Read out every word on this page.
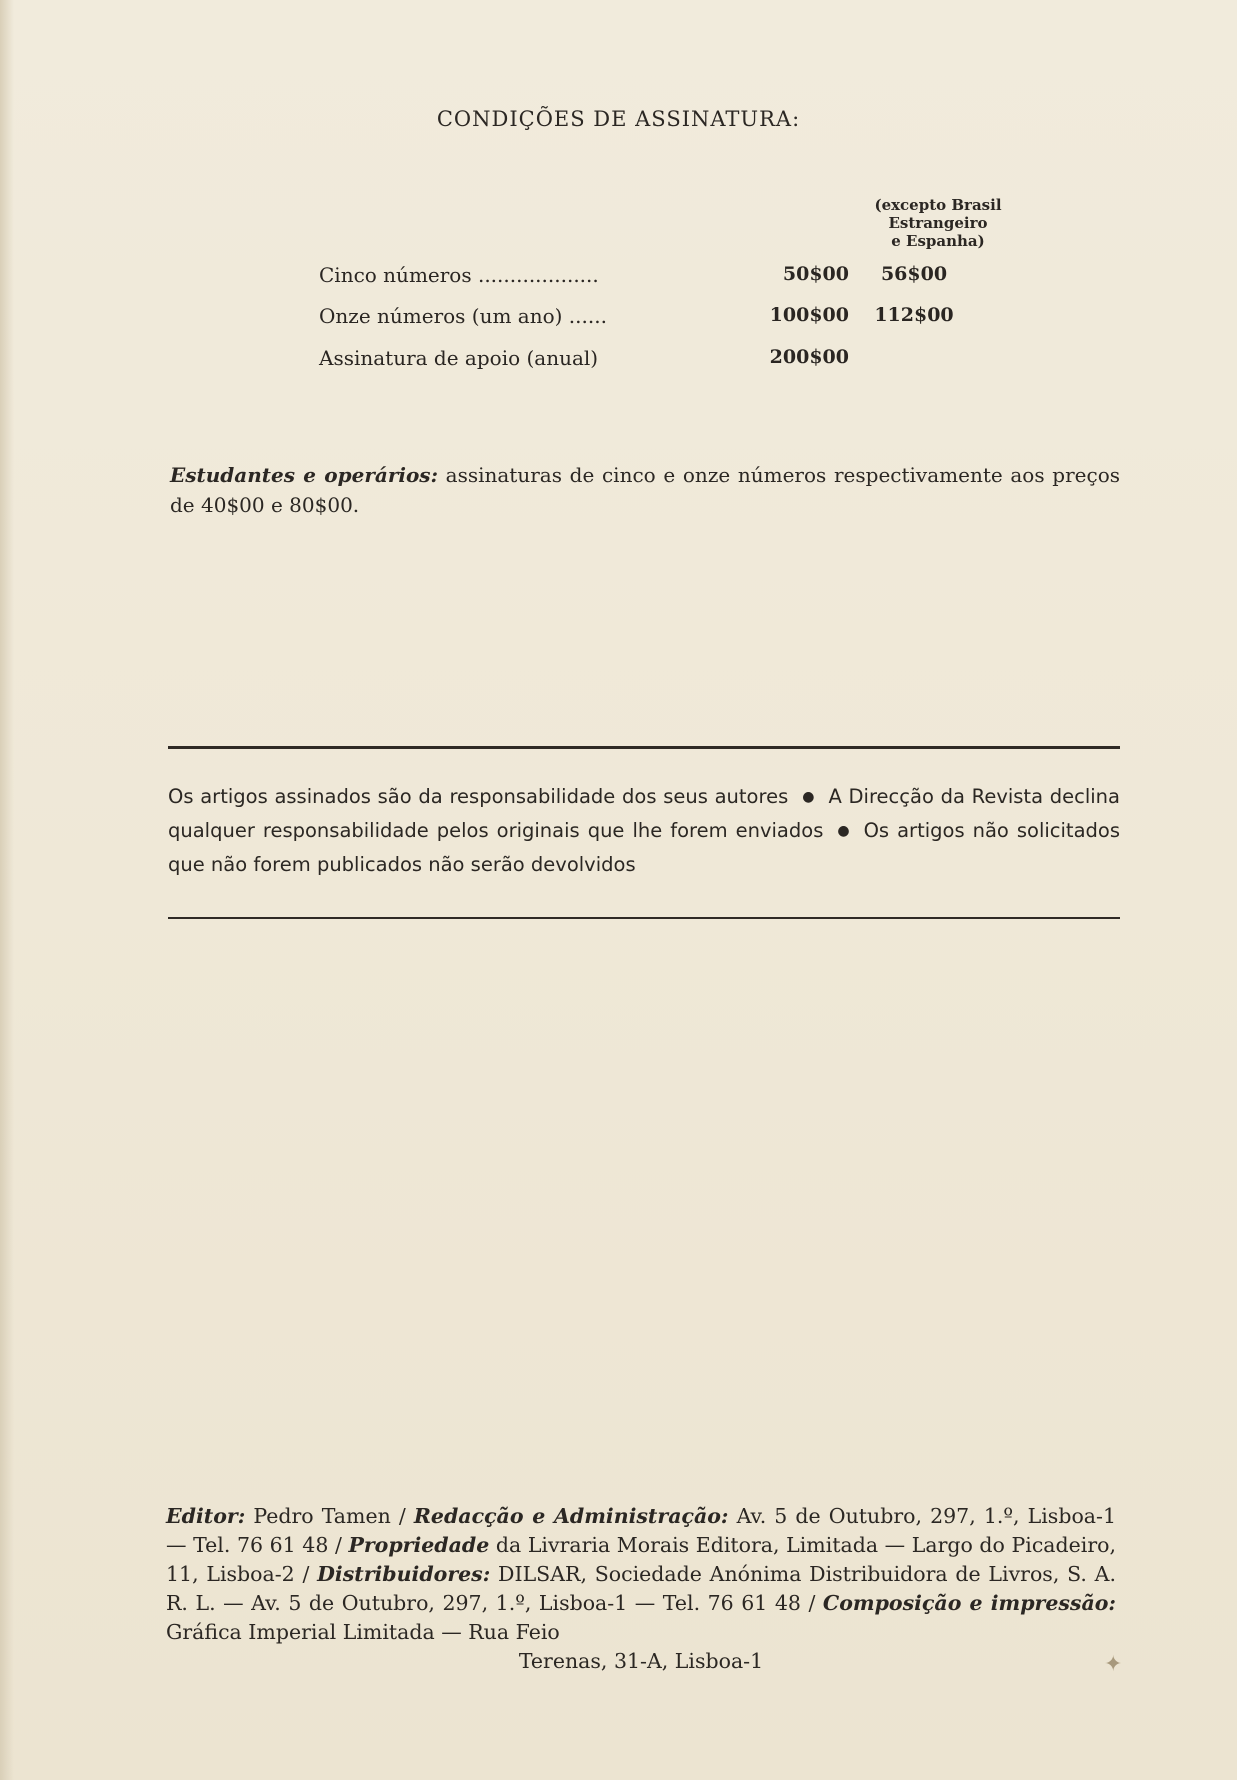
CONDIÇÕES DE ASSINATURA:
(excepto Brasil
Estrangeiro
e Espanha)
Cinco números ...................	50$00	56$00
Onze números (um ano) ......	100$00	112$00
Assinatura de apoio (anual)	200$00
Estudantes e operários: assinaturas de cinco e onze números respectivamente aos preços de 40$00 e 80$00.
Os artigos assinados são da responsabilidade dos seus autores ● A Direcção da Revista declina qualquer responsabilidade pelos originais que lhe forem enviados ● Os artigos não solicitados que não forem publicados não serão devolvidos
Editor: Pedro Tamen / Redacção e Administração: Av. 5 de Outubro, 297, 1.º, Lisboa-1 — Tel. 76 61 48 / Propriedade da Livraria Morais Editora, Limitada — Largo do Picadeiro, 11, Lisboa-2 / Distribuidores: DILSAR, Sociedade Anónima Distribuidora de Livros, S. A. R. L. — Av. 5 de Outubro, 297, 1.º, Lisboa-1 — Tel. 76 61 48 / Composição e impressão: Gráfica Imperial Limitada — Rua Feio
Terenas, 31-A, Lisboa-1	✦
